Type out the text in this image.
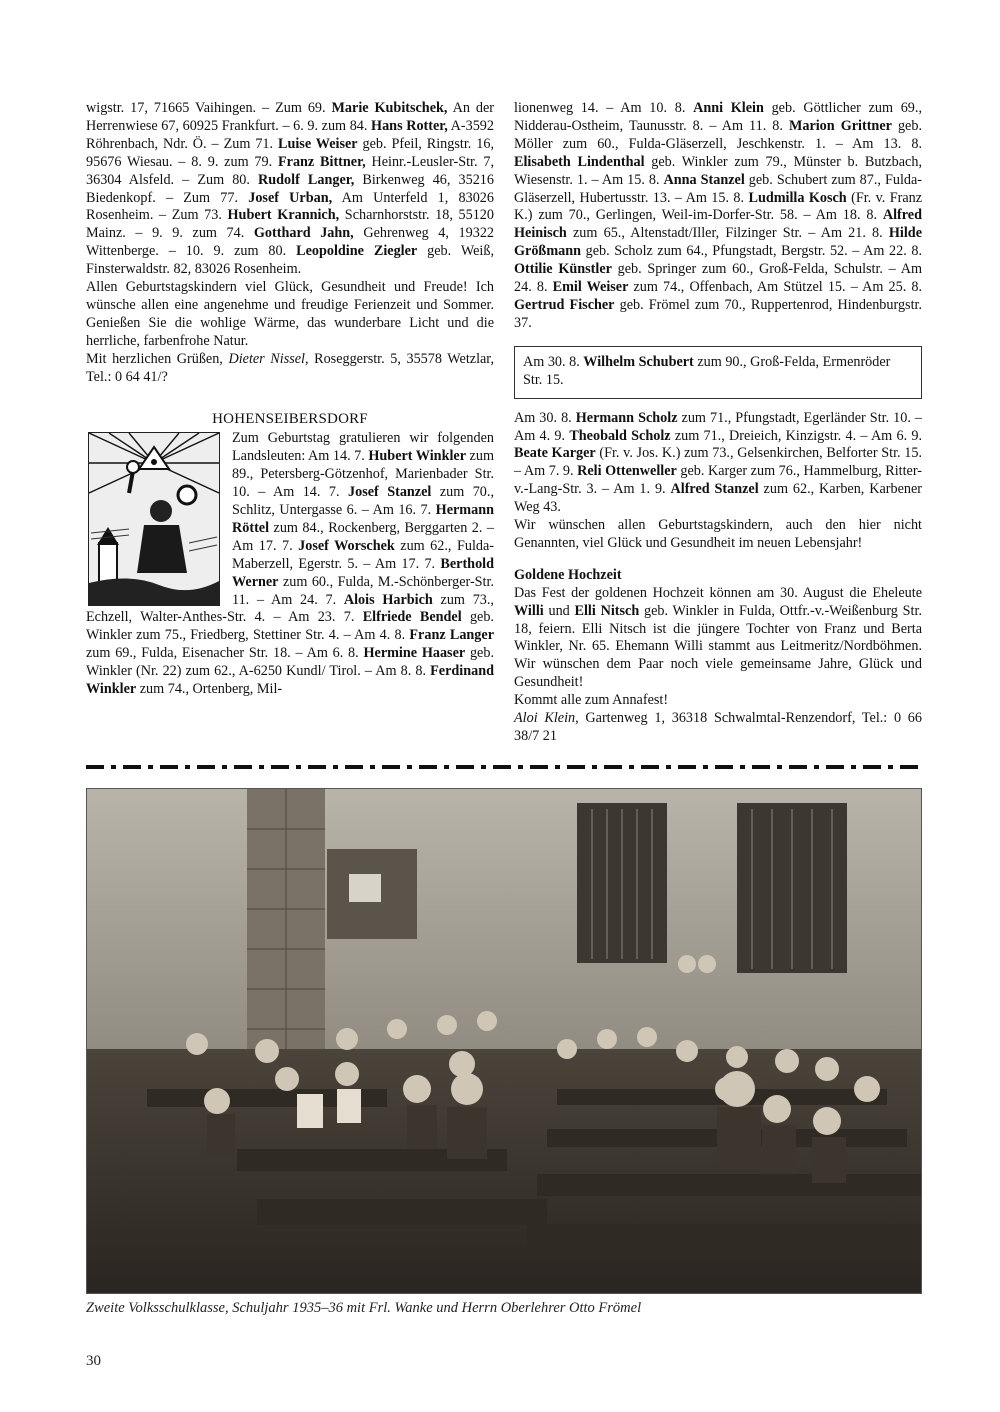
wigstr. 17, 71665 Vaihingen. – Zum 69. Marie Kubitschek, An der Herrenwiese 67, 60925 Frankfurt. – 6. 9. zum 84. Hans Rotter, A-3592 Röhrenbach, Ndr. Ö. – Zum 71. Luise Weiser geb. Pfeil, Ringstr. 16, 95676 Wiesau. – 8. 9. zum 79. Franz Bittner, Heinr.-Leusler-Str. 7, 36304 Alsfeld. – Zum 80. Rudolf Langer, Birkenweg 46, 35216 Biedenkopf. – Zum 77. Josef Urban, Am Unterfeld 1, 83026 Rosenheim. – Zum 73. Hubert Krannich, Scharnhorststr. 18, 55120 Mainz. – 9. 9. zum 74. Gotthard Jahn, Gehrenweg 4, 19322 Wittenberge. – 10. 9. zum 80. Leopoldine Ziegler geb. Weiß, Finsterwaldstr. 82, 83026 Rosenheim.

Allen Geburtstagskindern viel Glück, Gesundheit und Freude! Ich wünsche allen eine angenehme und freudige Ferienzeit und Sommer. Genießen Sie die wohlige Wärme, das wunderbare Licht und die herrliche, farbenfrohe Natur.

Mit herzlichen Grüßen, Dieter Nissel, Roseggerstr. 5, 35578 Wetzlar, Tel.: 0 64 41/?

HOHENSEIBERSDORF

Zum Geburtstag gratulieren wir folgenden Landsleuten: Am 14. 7. Hubert Winkler zum 89., Petersberg-Götzenhof, Marienbader Str. 10. – Am 14. 7. Josef Stanzel zum 70., Schlitz, Untergasse 6. – Am 16. 7. Hermann Röttel zum 84., Rockenberg, Berggarten 2. – Am 17. 7. Josef Worschek zum 62., Fulda-Maberzell, Egerstr. 5. – Am 17. 7. Berthold Werner zum 60., Fulda, M.-Schönberger-Str. 11. – Am 24. 7. Alois Harbich zum 73., Echzell, Walter-Anthes-Str. 4. – Am 23. 7. Elfriede Bendel geb. Winkler zum 75., Friedberg, Stettiner Str. 4. – Am 4. 8. Franz Langer zum 69., Fulda, Eisenacher Str. 18. – Am 6. 8. Hermine Haaser geb. Winkler (Nr. 22) zum 62., A-6250 Kundl/ Tirol. – Am 8. 8. Ferdinand Winkler zum 74., Ortenberg, Mil-

lionenweg 14. – Am 10. 8. Anni Klein geb. Göttlicher zum 69., Nidderau-Ostheim, Taunusstr. 8. – Am 11. 8. Marion Grittner geb. Möller zum 60., Fulda-Gläserzell, Jeschkenstr. 1. – Am 13. 8. Elisabeth Lindenthal geb. Winkler zum 79., Münster b. Butzbach, Wiesenstr. 1. – Am 15. 8. Anna Stanzel geb. Schubert zum 87., Fulda-Gläserzell, Hubertusstr. 13. – Am 15. 8. Ludmilla Kosch (Fr. v. Franz K.) zum 70., Gerlingen, Weil-im-Dorfer-Str. 58. – Am 18. 8. Alfred Heinisch zum 65., Altenstadt/Iller, Filzinger Str. – Am 21. 8. Hilde Größmann geb. Scholz zum 64., Pfungstadt, Bergstr. 52. – Am 22. 8. Ottilie Künstler geb. Springer zum 60., Groß-Felda, Schulstr. – Am 24. 8. Emil Weiser zum 74., Offenbach, Am Stützel 15. – Am 25. 8. Gertrud Fischer geb. Frömel zum 70., Ruppertenrod, Hindenburgstr. 37.

Am 30. 8. Wilhelm Schubert zum 90., Groß-Felda, Ermenröder Str. 15.

Am 30. 8. Hermann Scholz zum 71., Pfungstadt, Egerländer Str. 10. – Am 4. 9. Theobald Scholz zum 71., Dreieich, Kinzigstr. 4. – Am 6. 9. Beate Karger (Fr. v. Jos. K.) zum 73., Gelsenkirchen, Belforter Str. 15. – Am 7. 9. Reli Ottenweller geb. Karger zum 76., Hammelburg, Ritter-v.-Lang-Str. 3. – Am 1. 9. Alfred Stanzel zum 62., Karben, Karbener Weg 43.

Wir wünschen allen Geburtstagskindern, auch den hier nicht Genannten, viel Glück und Gesundheit im neuen Lebensjahr!

Goldene Hochzeit

Das Fest der goldenen Hochzeit können am 30. August die Eheleute Willi und Elli Nitsch geb. Winkler in Fulda, Ottfr.-v.-Weißenburg Str. 18, feiern. Elli Nitsch ist die jüngere Tochter von Franz und Berta Winkler, Nr. 65. Ehemann Willi stammt aus Leitmeritz/Nordböhmen. Wir wünschen dem Paar noch viele gemeinsame Jahre, Glück und Gesundheit!

Kommt alle zum Annafest!

Aloi Klein, Gartenweg 1, 36318 Schwalmtal-Renzendorf, Tel.: 0 66 38/7 21

Zweite Volksschulklasse, Schuljahr 1935–36 mit Frl. Wanke und Herrn Oberlehrer Otto Frömel
30
